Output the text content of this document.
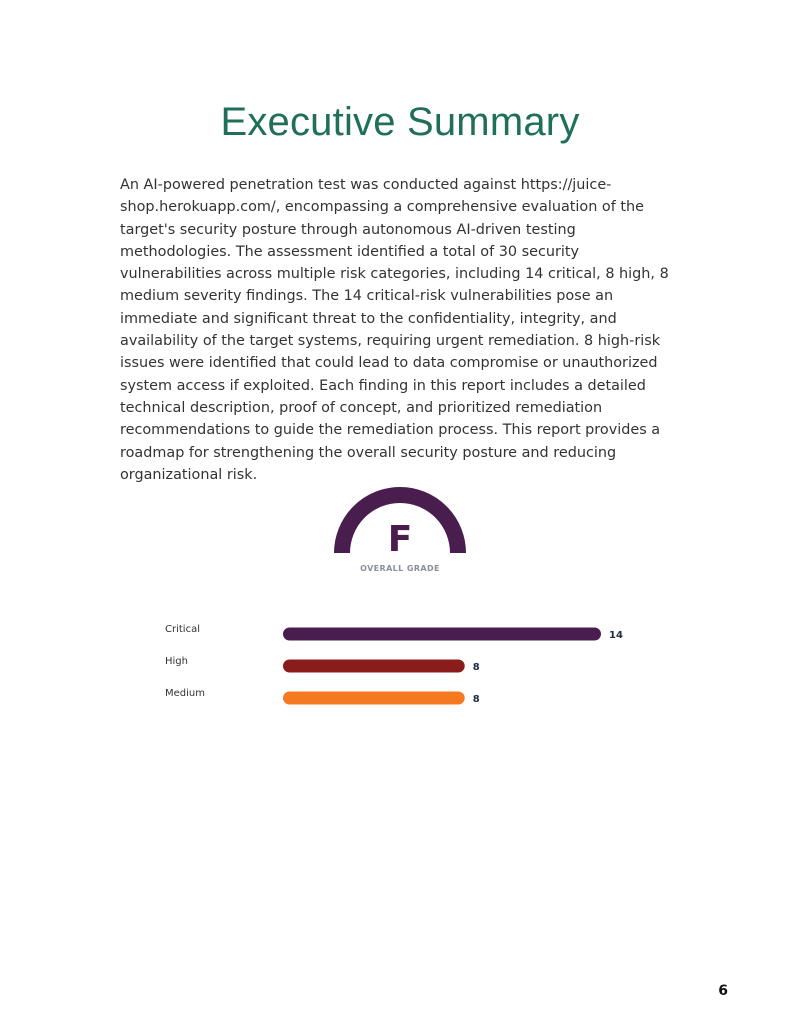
Executive Summary

An AI-powered penetration test was conducted against https://juice-shop.herokuapp.com/, encompassing a comprehensive evaluation of the target's security posture through autonomous AI-driven testing methodologies. The assessment identified a total of 30 security vulnerabilities across multiple risk categories, including 14 critical, 8 high, 8 medium severity findings. The 14 critical-risk vulnerabilities pose an immediate and significant threat to the confidentiality, integrity, and availability of the target systems, requiring urgent remediation. 8 high-risk issues were identified that could lead to data compromise or unauthorized system access if exploited. Each finding in this report includes a detailed technical description, proof of concept, and prioritized remediation recommendations to guide the remediation process. This report provides a roadmap for strengthening the overall security posture and reducing organizational risk.

F
OVERALL GRADE
Critical
14
High
8
Medium
8
6
